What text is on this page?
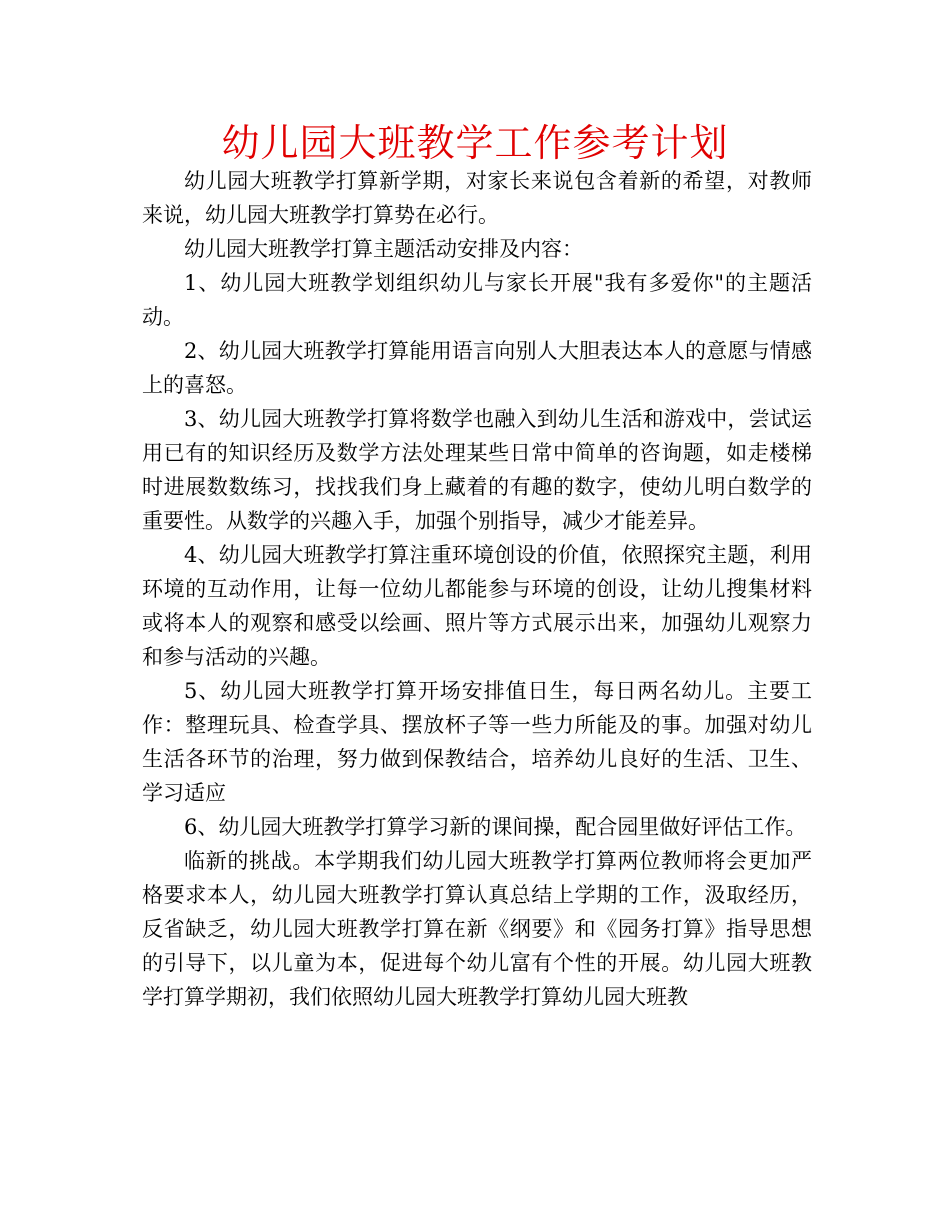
幼儿园大班教学工作参考计划

幼儿园大班教学打算新学期，对家长来说包含着新的希望，对教师来说，幼儿园大班教学打算势在必行。

幼儿园大班教学打算主题活动安排及内容：

1、幼儿园大班教学划组织幼儿与家长开展"我有多爱你"的主题活动。

2、幼儿园大班教学打算能用语言向别人大胆表达本人的意愿与情感上的喜怒。

3、幼儿园大班教学打算将数学也融入到幼儿生活和游戏中，尝试运用已有的知识经历及数学方法处理某些日常中简单的咨询题，如走楼梯时进展数数练习，找找我们身上藏着的有趣的数字，使幼儿明白数学的重要性。从数学的兴趣入手，加强个别指导，减少才能差异。

4、幼儿园大班教学打算注重环境创设的价值，依照探究主题，利用环境的互动作用，让每一位幼儿都能参与环境的创设，让幼儿搜集材料或将本人的观察和感受以绘画、照片等方式展示出来，加强幼儿观察力和参与活动的兴趣。

5、幼儿园大班教学打算开场安排值日生，每日两名幼儿。主要工作：整理玩具、检查学具、摆放杯子等一些力所能及的事。加强对幼儿生活各环节的治理，努力做到保教结合，培养幼儿良好的生活、卫生、学习适应

6、幼儿园大班教学打算学习新的课间操，配合园里做好评估工作。

临新的挑战。本学期我们幼儿园大班教学打算两位教师将会更加严格要求本人，幼儿园大班教学打算认真总结上学期的工作，汲取经历，反省缺乏，幼儿园大班教学打算在新《纲要》和《园务打算》指导思想的引导下，以儿童为本，促进每个幼儿富有个性的开展。幼儿园大班教学打算学期初，我们依照幼儿园大班教学打算幼儿园大班教
